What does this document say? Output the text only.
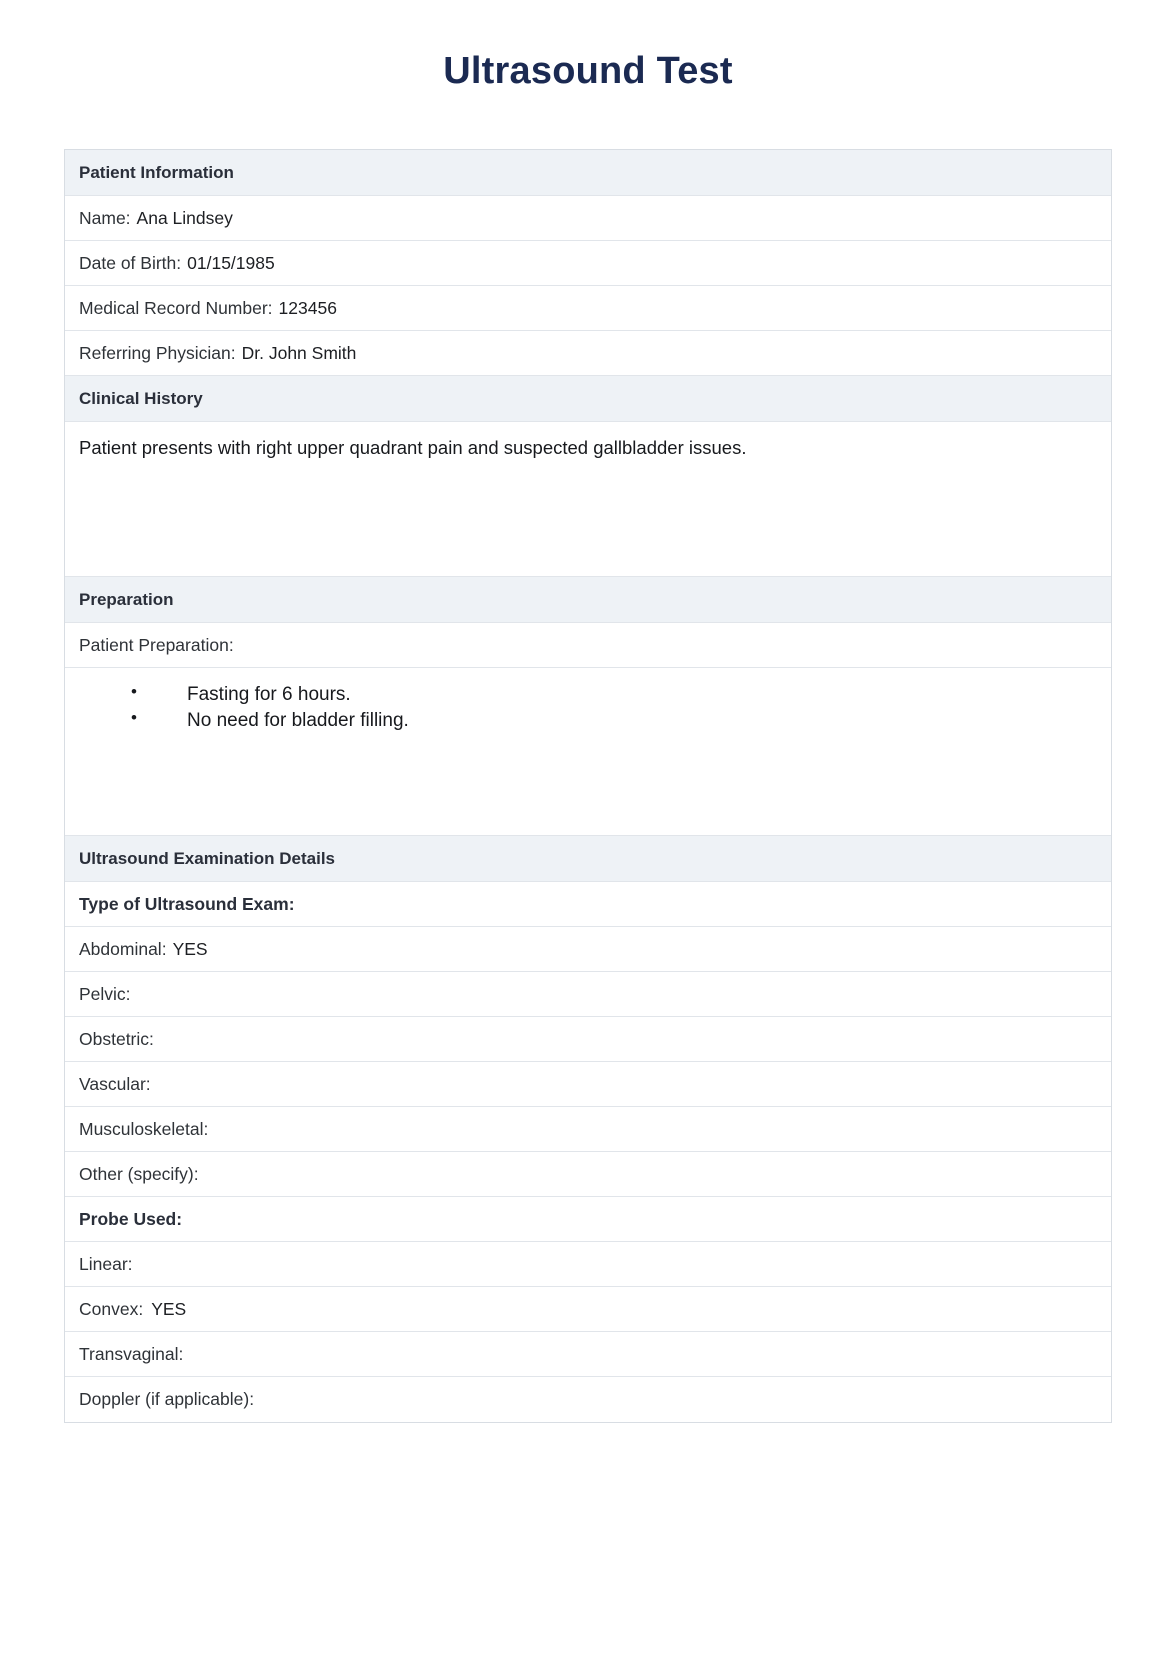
Ultrasound Test
Patient Information
Name: Ana Lindsey
Date of Birth: 01/15/1985
Medical Record Number: 123456
Referring Physician: Dr. John Smith
Clinical History
Patient presents with right upper quadrant pain and suspected gallbladder issues.
Preparation
Patient Preparation:
• Fasting for 6 hours.
• No need for bladder filling.
Ultrasound Examination Details
Type of Ultrasound Exam:
Abdominal: YES
Pelvic:
Obstetric:
Vascular:
Musculoskeletal:
Other (specify):
Probe Used:
Linear:
Convex: YES
Transvaginal:
Doppler (if applicable):
